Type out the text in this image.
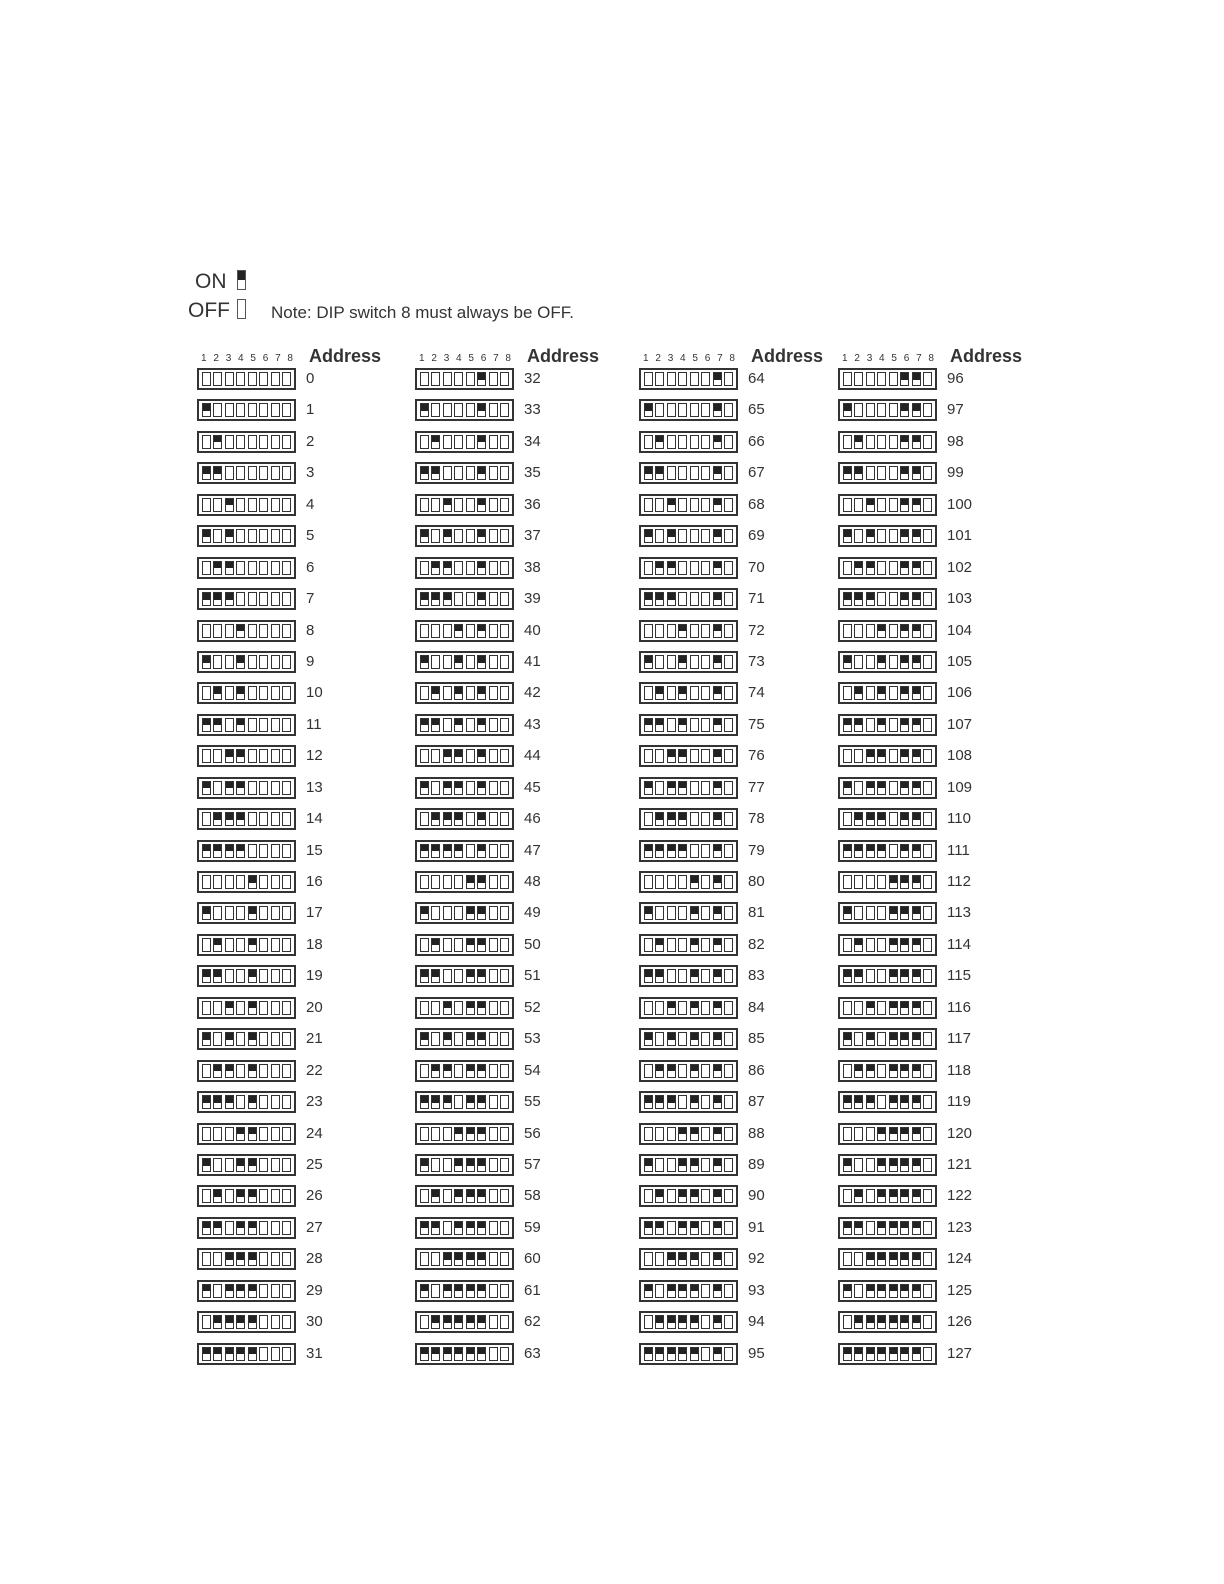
ON
OFF Note: DIP switch 8 must always be OFF.
1 2 3 4 5 6 7 8 Address
0
1
2
3
4
5
6
7
8
9
10
11
12
13
14
15
16
17
18
19
20
21
22
23
24
25
26
27
28
29
30
31
1 2 3 4 5 6 7 8 Address
32
33
34
35
36
37
38
39
40
41
42
43
44
45
46
47
48
49
50
51
52
53
54
55
56
57
58
59
60
61
62
63
1 2 3 4 5 6 7 8 Address
64
65
66
67
68
69
70
71
72
73
74
75
76
77
78
79
80
81
82
83
84
85
86
87
88
89
90
91
92
93
94
95
1 2 3 4 5 6 7 8 Address
96
97
98
99
100
101
102
103
104
105
106
107
108
109
110
111
112
113
114
115
116
117
118
119
120
121
122
123
124
125
126
127
